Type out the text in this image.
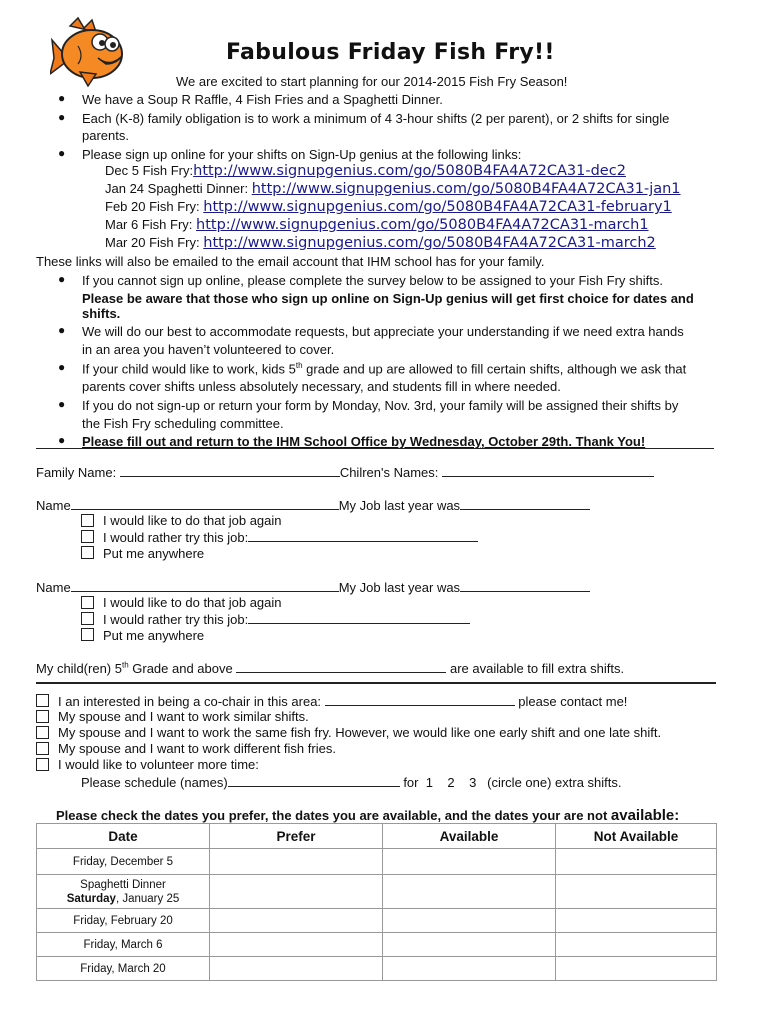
Fabulous Friday Fish Fry!!
We are excited to start planning for our 2014-2015 Fish Fry Season!
● We have a Soup R Raffle, 4 Fish Fries and a Spaghetti Dinner.
● Each (K-8) family obligation is to work a minimum of 4 3-hour shifts (2 per parent), or 2 shifts for single
parents.
● Please sign up online for your shifts on Sign-Up genius at the following links:
Dec 5 Fish Fry:http://www.signupgenius.com/go/5080B4FA4A72CA31-dec2
Jan 24 Spaghetti Dinner: http://www.signupgenius.com/go/5080B4FA4A72CA31-jan1
Feb 20 Fish Fry: http://www.signupgenius.com/go/5080B4FA4A72CA31-february1
Mar 6 Fish Fry: http://www.signupgenius.com/go/5080B4FA4A72CA31-march1
Mar 20 Fish Fry: http://www.signupgenius.com/go/5080B4FA4A72CA31-march2
These links will also be emailed to the email account that IHM school has for your family.
● If you cannot sign up online, please complete the survey below to be assigned to your Fish Fry shifts.
Please be aware that those who sign up online on Sign-Up genius will get first choice for dates and
shifts.
● We will do our best to accommodate requests, but appreciate your understanding if we need extra hands
in an area you haven’t volunteered to cover.
● If your child would like to work, kids 5th grade and up are allowed to fill certain shifts, although we ask that
parents cover shifts unless absolutely necessary, and students fill in where needed.
● If you do not sign-up or return your form by Monday, Nov. 3rd, your family will be assigned their shifts by
the Fish Fry scheduling committee.
● Please fill out and return to the IHM School Office by Wednesday, October 29th. Thank You!
Family Name:	Chilren's Names:
Name	My Job last year was
I would like to do that job again
I would rather try this job:
Put me anywhere
Name	My Job last year was
I would like to do that job again
I would rather try this job:
Put me anywhere
My child(ren) 5th Grade and above	are available to fill extra shifts.
I an interested in being a co-chair in this area:	please contact me!
My spouse and I want to work similar shifts.
My spouse and I want to work the same fish fry. However, we would like one early shift and one late shift.
My spouse and I want to work different fish fries.
I would like to volunteer more time:
Please schedule (names)	for  1    2    3   (circle one) extra shifts.
Please check the dates you prefer, the dates you are available, and the dates your are not available:
Date	Prefer	Available	Not Available
Friday, December 5			
Spaghetti Dinner
Saturday, January 25			
Friday, February 20			
Friday, March 6			
Friday, March 20			
